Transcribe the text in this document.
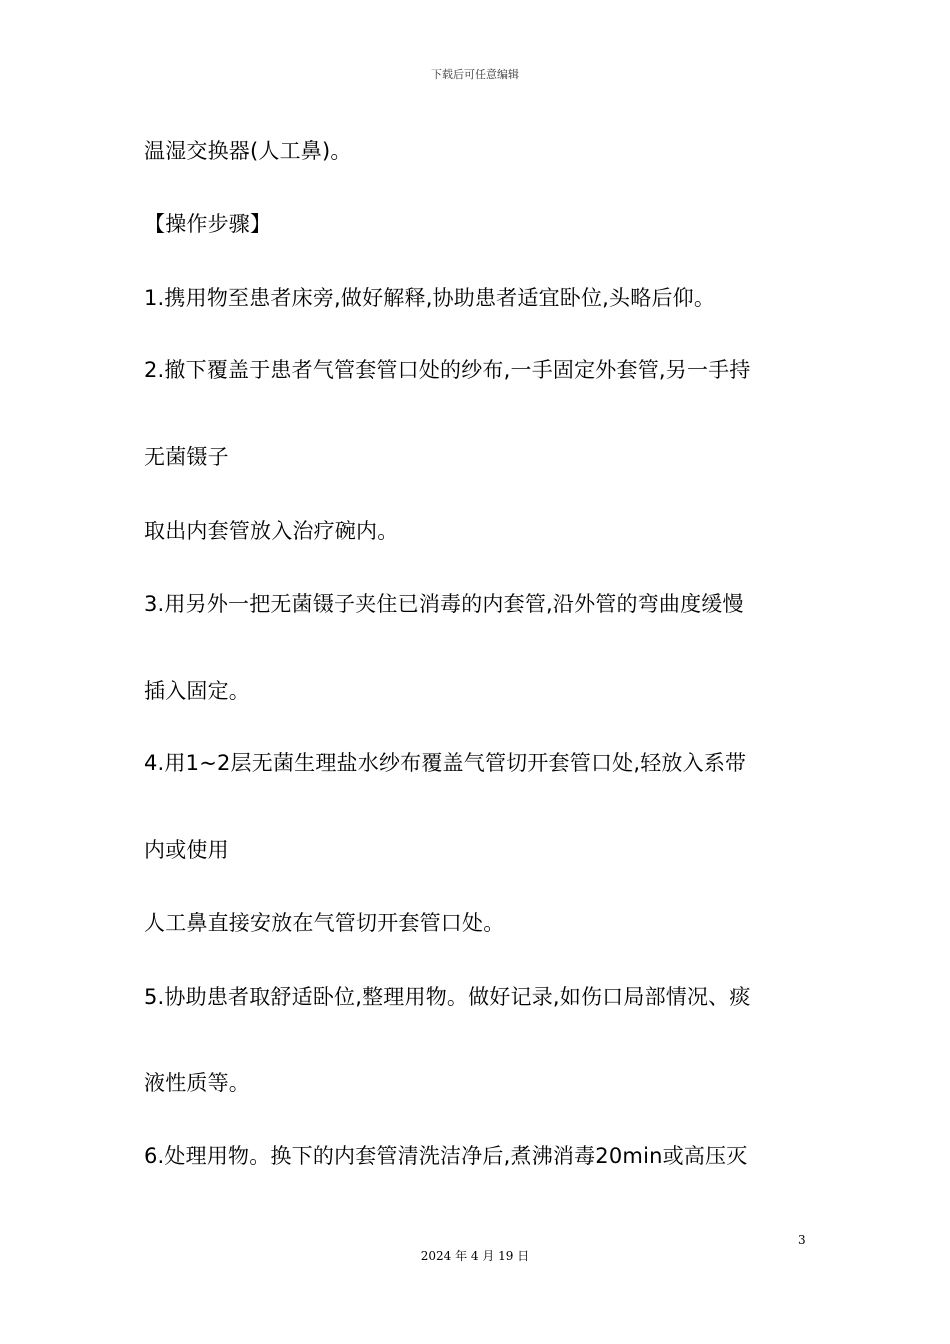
下载后可任意编辑
温湿交换器(人工鼻)。
【操作步骤】
1.携用物至患者床旁,做好解释,协助患者适宜卧位,头略后仰。
2.撤下覆盖于患者气管套管口处的纱布,一手固定外套管,另一手持
无菌镊子
取出内套管放入治疗碗内。
3.用另外一把无菌镊子夹住已消毒的内套管,沿外管的弯曲度缓慢
插入固定。
4.用1~2层无菌生理盐水纱布覆盖气管切开套管口处,轻放入系带
内或使用
人工鼻直接安放在气管切开套管口处。
5.协助患者取舒适卧位,整理用物。做好记录,如伤口局部情况、痰
液性质等。
6.处理用物。换下的内套管清洗洁净后,煮沸消毒20min或高压灭
3
2024 年 4 月 19 日
